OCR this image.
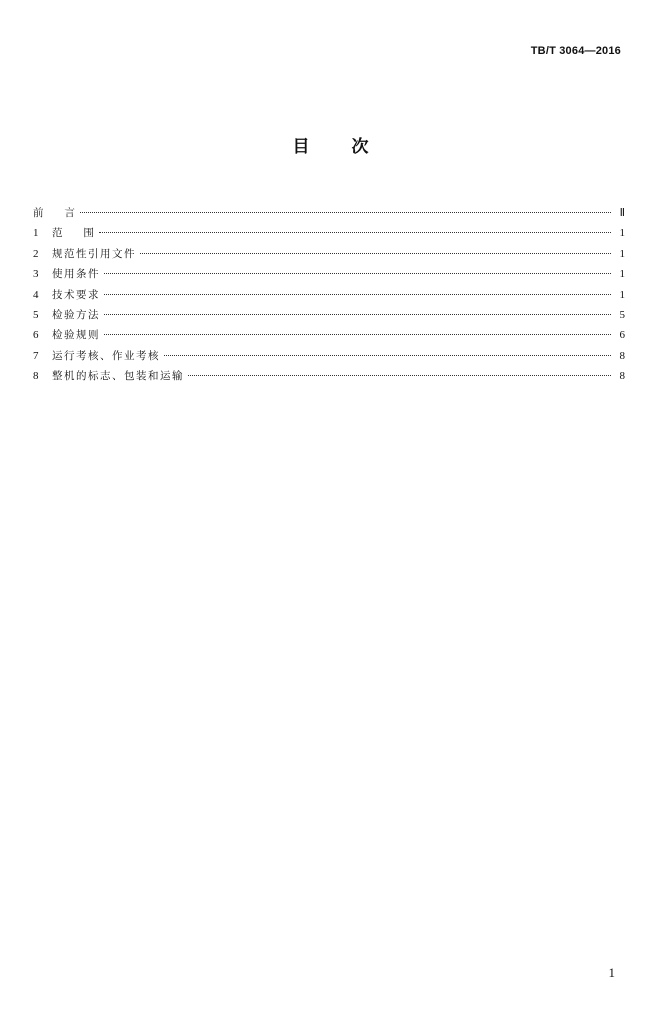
TB/T 3064—2016
目 次
前    言	Ⅱ
1	范    围	1
2	规范性引用文件	1
3	使用条件	1
4	技术要求	1
5	检验方法	5
6	检验规则	6
7	运行考核、作业考核	8
8	整机的标志、包装和运输	8
1
